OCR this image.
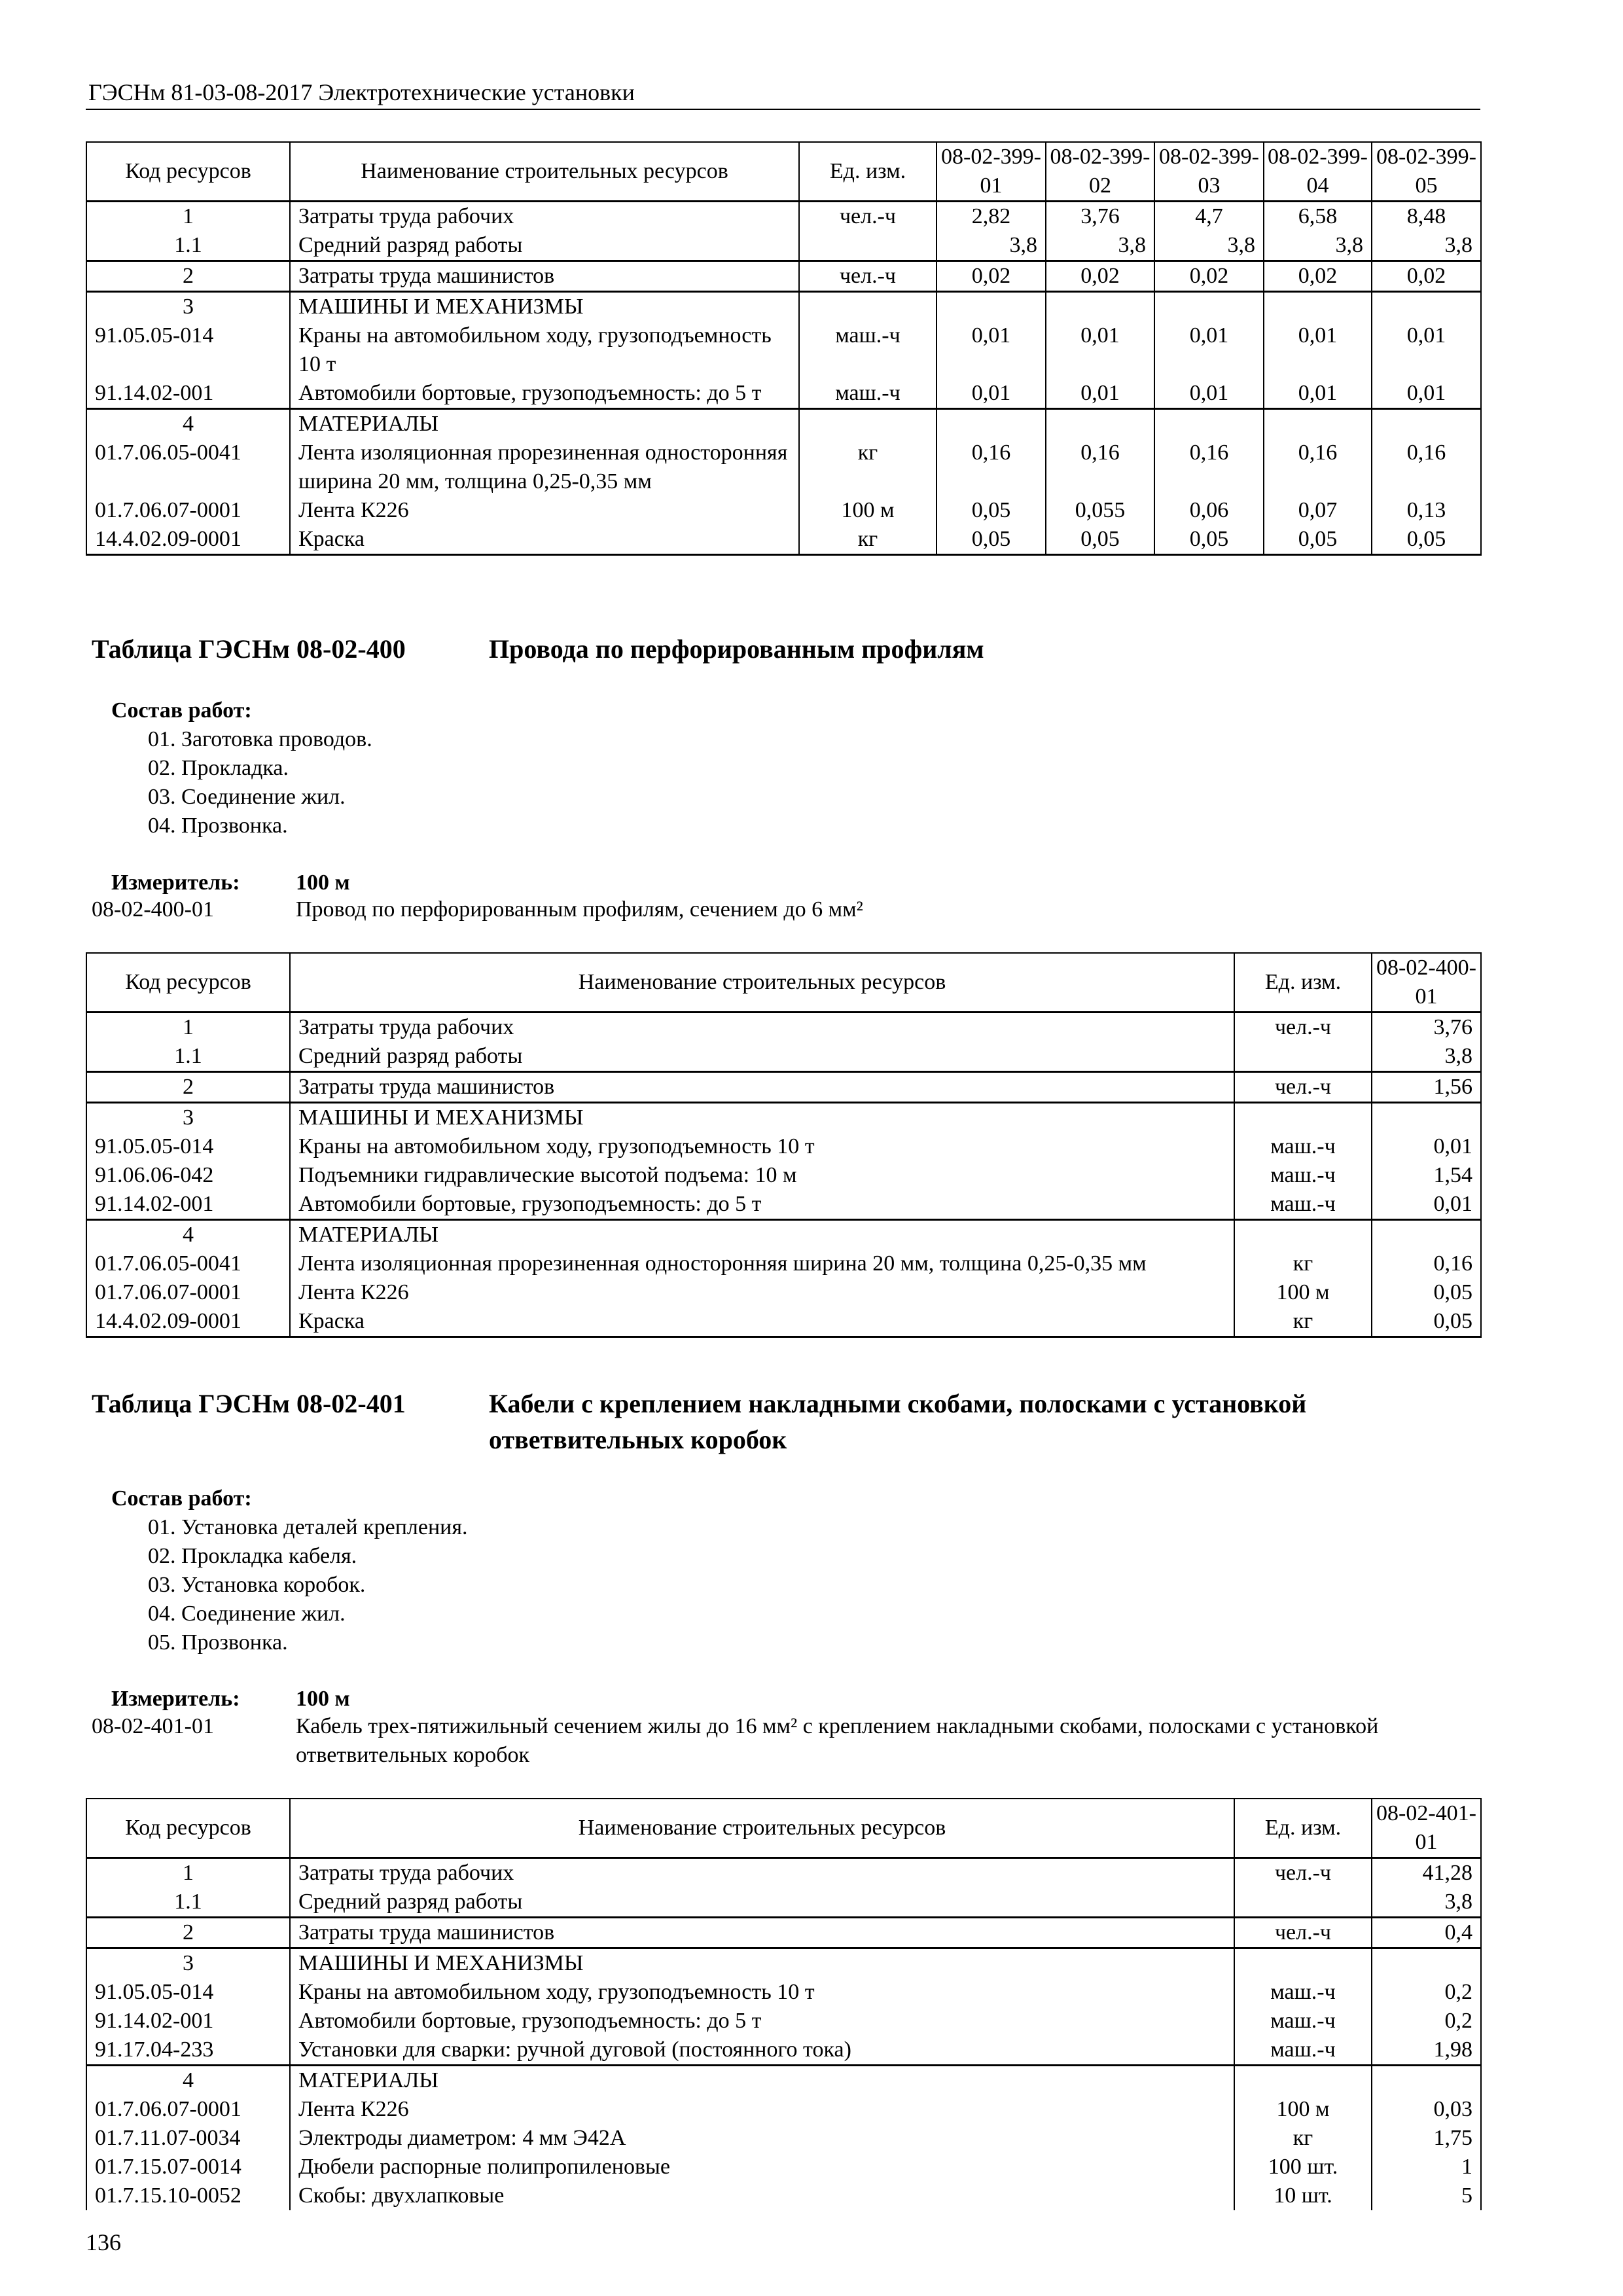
ГЭСНм 81-03-08-2017 Электротехнические установки
Код ресурсов	Наименование строительных ресурсов	Ед. изм.	08-02-399-01	08-02-399-02	08-02-399-03	08-02-399-04	08-02-399-05
1	Затраты труда рабочих	чел.-ч	2,82	3,76	4,7	6,58	8,48
1.1	Средний разряд работы		3,8	3,8	3,8	3,8	3,8
2	Затраты труда машинистов	чел.-ч	0,02	0,02	0,02	0,02	0,02
3	МАШИНЫ И МЕХАНИЗМЫ						
91.05.05-014	Краны на автомобильном ходу, грузоподъемность 10 т	маш.-ч	0,01	0,01	0,01	0,01	0,01
91.14.02-001	Автомобили бортовые, грузоподъемность: до 5 т	маш.-ч	0,01	0,01	0,01	0,01	0,01
4	МАТЕРИАЛЫ						
01.7.06.05-0041	Лента изоляционная прорезиненная односторонняя ширина 20 мм, толщина 0,25-0,35 мм	кг	0,16	0,16	0,16	0,16	0,16
01.7.06.07-0001	Лента К226	100 м	0,05	0,055	0,06	0,07	0,13
14.4.02.09-0001	Краска	кг	0,05	0,05	0,05	0,05	0,05
Таблица ГЭСНм 08-02-400	Провода по перфорированным профилям
Состав работ:
01. Заготовка проводов.
02. Прокладка.
03. Соединение жил.
04. Прозвонка.
Измеритель:	100 м
08-02-400-01	Провод по перфорированным профилям, сечением до 6 мм²
Код ресурсов	Наименование строительных ресурсов	Ед. изм.	08-02-400-01
1	Затраты труда рабочих	чел.-ч	3,76
1.1	Средний разряд работы		3,8
2	Затраты труда машинистов	чел.-ч	1,56
3	МАШИНЫ И МЕХАНИЗМЫ		
91.05.05-014	Краны на автомобильном ходу, грузоподъемность 10 т	маш.-ч	0,01
91.06.06-042	Подъемники гидравлические высотой подъема: 10 м	маш.-ч	1,54
91.14.02-001	Автомобили бортовые, грузоподъемность: до 5 т	маш.-ч	0,01
4	МАТЕРИАЛЫ		
01.7.06.05-0041	Лента изоляционная прорезиненная односторонняя ширина 20 мм, толщина 0,25-0,35 мм	кг	0,16
01.7.06.07-0001	Лента К226	100 м	0,05
14.4.02.09-0001	Краска	кг	0,05
Таблица ГЭСНм 08-02-401	Кабели с креплением накладными скобами, полосками с установкой ответвительных коробок
Состав работ:
01. Установка деталей крепления.
02. Прокладка кабеля.
03. Установка коробок.
04. Соединение жил.
05. Прозвонка.
Измеритель:	100 м
08-02-401-01	Кабель трех-пятижильный сечением жилы до 16 мм² с креплением накладными скобами, полосками с установкой ответвительных коробок
Код ресурсов	Наименование строительных ресурсов	Ед. изм.	08-02-401-01
1	Затраты труда рабочих	чел.-ч	41,28
1.1	Средний разряд работы		3,8
2	Затраты труда машинистов	чел.-ч	0,4
3	МАШИНЫ И МЕХАНИЗМЫ		
91.05.05-014	Краны на автомобильном ходу, грузоподъемность 10 т	маш.-ч	0,2
91.14.02-001	Автомобили бортовые, грузоподъемность: до 5 т	маш.-ч	0,2
91.17.04-233	Установки для сварки: ручной дуговой (постоянного тока)	маш.-ч	1,98
4	МАТЕРИАЛЫ		
01.7.06.07-0001	Лента К226	100 м	0,03
01.7.11.07-0034	Электроды диаметром: 4 мм Э42А	кг	1,75
01.7.15.07-0014	Дюбели распорные полипропиленовые	100 шт.	1
01.7.15.10-0052	Скобы: двухлапковые	10 шт.	5
136
